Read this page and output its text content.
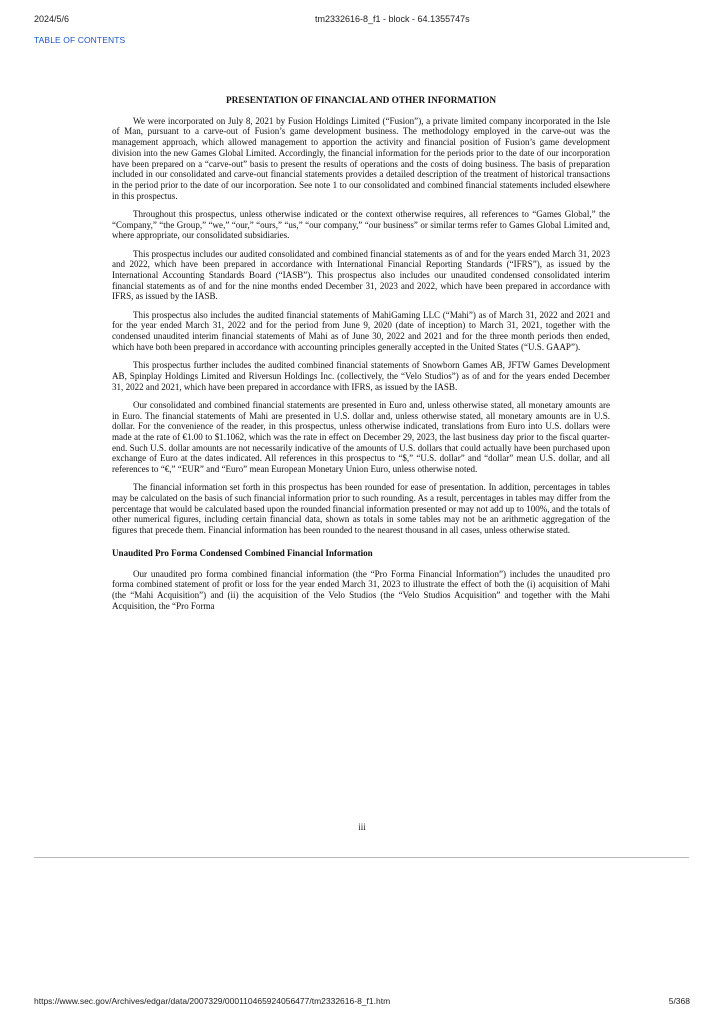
2024/5/6	tm2332616-8_f1 - block - 64.1355747s
TABLE OF CONTENTS
PRESENTATION OF FINANCIAL AND OTHER INFORMATION

We were incorporated on July 8, 2021 by Fusion Holdings Limited (“Fusion”), a private limited company incorporated in the Isle of Man, pursuant to a carve-out of Fusion’s game development business. The methodology employed in the carve-out was the management approach, which allowed management to apportion the activity and financial position of Fusion’s game development division into the new Games Global Limited. Accordingly, the financial information for the periods prior to the date of our incorporation have been prepared on a “carve-out” basis to present the results of operations and the costs of doing business. The basis of preparation included in our consolidated and carve-out financial statements provides a detailed description of the treatment of historical transactions in the period prior to the date of our incorporation. See note 1 to our consolidated and combined financial statements included elsewhere in this prospectus.

Throughout this prospectus, unless otherwise indicated or the context otherwise requires, all references to “Games Global,” the “Company,” “the Group,” “we,” “our,” “ours,” “us,” “our company,” “our business” or similar terms refer to Games Global Limited and, where appropriate, our consolidated subsidiaries.

This prospectus includes our audited consolidated and combined financial statements as of and for the years ended March 31, 2023 and 2022, which have been prepared in accordance with International Financial Reporting Standards (“IFRS”), as issued by the International Accounting Standards Board (“IASB”). This prospectus also includes our unaudited condensed consolidated interim financial statements as of and for the nine months ended December 31, 2023 and 2022, which have been prepared in accordance with IFRS, as issued by the IASB.

This prospectus also includes the audited financial statements of MahiGaming LLC (“Mahi”) as of March 31, 2022 and 2021 and for the year ended March 31, 2022 and for the period from June 9, 2020 (date of inception) to March 31, 2021, together with the condensed unaudited interim financial statements of Mahi as of June 30, 2022 and 2021 and for the three month periods then ended, which have both been prepared in accordance with accounting principles generally accepted in the United States (“U.S. GAAP”).

This prospectus further includes the audited combined financial statements of Snowborn Games AB, JFTW Games Development AB, Spinplay Holdings Limited and Riversun Holdings Inc. (collectively, the “Velo Studios”) as of and for the years ended December 31, 2022 and 2021, which have been prepared in accordance with IFRS, as issued by the IASB.

Our consolidated and combined financial statements are presented in Euro and, unless otherwise stated, all monetary amounts are in Euro. The financial statements of Mahi are presented in U.S. dollar and, unless otherwise stated, all monetary amounts are in U.S. dollar. For the convenience of the reader, in this prospectus, unless otherwise indicated, translations from Euro into U.S. dollars were made at the rate of €1.00 to $1.1062, which was the rate in effect on December 29, 2023, the last business day prior to the fiscal quarter-end. Such U.S. dollar amounts are not necessarily indicative of the amounts of U.S. dollars that could actually have been purchased upon exchange of Euro at the dates indicated. All references in this prospectus to “$,” “U.S. dollar” and “dollar” mean U.S. dollar, and all references to “€,” “EUR” and “Euro” mean European Monetary Union Euro, unless otherwise noted.

The financial information set forth in this prospectus has been rounded for ease of presentation. In addition, percentages in tables may be calculated on the basis of such financial information prior to such rounding. As a result, percentages in tables may differ from the percentage that would be calculated based upon the rounded financial information presented or may not add up to 100%, and the totals of other numerical figures, including certain financial data, shown as totals in some tables may not be an arithmetic aggregation of the figures that precede them. Financial information has been rounded to the nearest thousand in all cases, unless otherwise stated.

Unaudited Pro Forma Condensed Combined Financial Information

Our unaudited pro forma combined financial information (the “Pro Forma Financial Information”) includes the unaudited pro forma combined statement of profit or loss for the year ended March 31, 2023 to illustrate the effect of both the (i) acquisition of Mahi (the “Mahi Acquisition”) and (ii) the acquisition of the Velo Studios (the “Velo Studios Acquisition” and together with the Mahi Acquisition, the “Pro Forma

iii
https://www.sec.gov/Archives/edgar/data/2007329/000110465924056477/tm2332616-8_f1.htm	5/368
